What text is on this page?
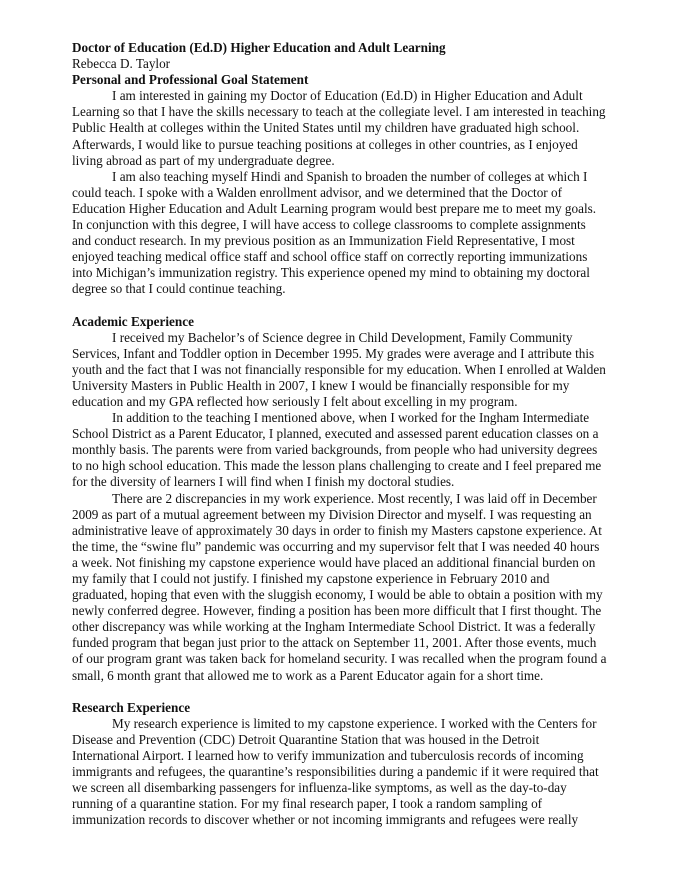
Doctor of Education (Ed.D) Higher Education and Adult Learning
Rebecca D. Taylor
Personal and Professional Goal Statement

I am interested in gaining my Doctor of Education (Ed.D) in Higher Education and Adult Learning so that I have the skills necessary to teach at the collegiate level. I am interested in teaching Public Health at colleges within the United States until my children have graduated high school. Afterwards, I would like to pursue teaching positions at colleges in other countries, as I enjoyed living abroad as part of my undergraduate degree.

I am also teaching myself Hindi and Spanish to broaden the number of colleges at which I could teach. I spoke with a Walden enrollment advisor, and we determined that the Doctor of Education Higher Education and Adult Learning program would best prepare me to meet my goals. In conjunction with this degree, I will have access to college classrooms to complete assignments and conduct research. In my previous position as an Immunization Field Representative, I most enjoyed teaching medical office staff and school office staff on correctly reporting immunizations into Michigan’s immunization registry. This experience opened my mind to obtaining my doctoral degree so that I could continue teaching.

Academic Experience

I received my Bachelor’s of Science degree in Child Development, Family Community Services, Infant and Toddler option in December 1995. My grades were average and I attribute this youth and the fact that I was not financially responsible for my education. When I enrolled at Walden University Masters in Public Health in 2007, I knew I would be financially responsible for my education and my GPA reflected how seriously I felt about excelling in my program.

In addition to the teaching I mentioned above, when I worked for the Ingham Intermediate School District as a Parent Educator, I planned, executed and assessed parent education classes on a monthly basis. The parents were from varied backgrounds, from people who had university degrees to no high school education. This made the lesson plans challenging to create and I feel prepared me for the diversity of learners I will find when I finish my doctoral studies.

There are 2 discrepancies in my work experience. Most recently, I was laid off in December 2009 as part of a mutual agreement between my Division Director and myself. I was requesting an administrative leave of approximately 30 days in order to finish my Masters capstone experience. At the time, the “swine flu” pandemic was occurring and my supervisor felt that I was needed 40 hours a week. Not finishing my capstone experience would have placed an additional financial burden on my family that I could not justify. I finished my capstone experience in February 2010 and graduated, hoping that even with the sluggish economy, I would be able to obtain a position with my newly conferred degree. However, finding a position has been more difficult that I first thought. The other discrepancy was while working at the Ingham Intermediate School District. It was a federally funded program that began just prior to the attack on September 11, 2001. After those events, much of our program grant was taken back for homeland security. I was recalled when the program found a small, 6 month grant that allowed me to work as a Parent Educator again for a short time.

Research Experience

My research experience is limited to my capstone experience. I worked with the Centers for Disease and Prevention (CDC) Detroit Quarantine Station that was housed in the Detroit International Airport. I learned how to verify immunization and tuberculosis records of incoming immigrants and refugees, the quarantine’s responsibilities during a pandemic if it were required that we screen all disembarking passengers for influenza-like symptoms, as well as the day-to-day running of a quarantine station. For my final research paper, I took a random sampling of immunization records to discover whether or not incoming immigrants and refugees were really
